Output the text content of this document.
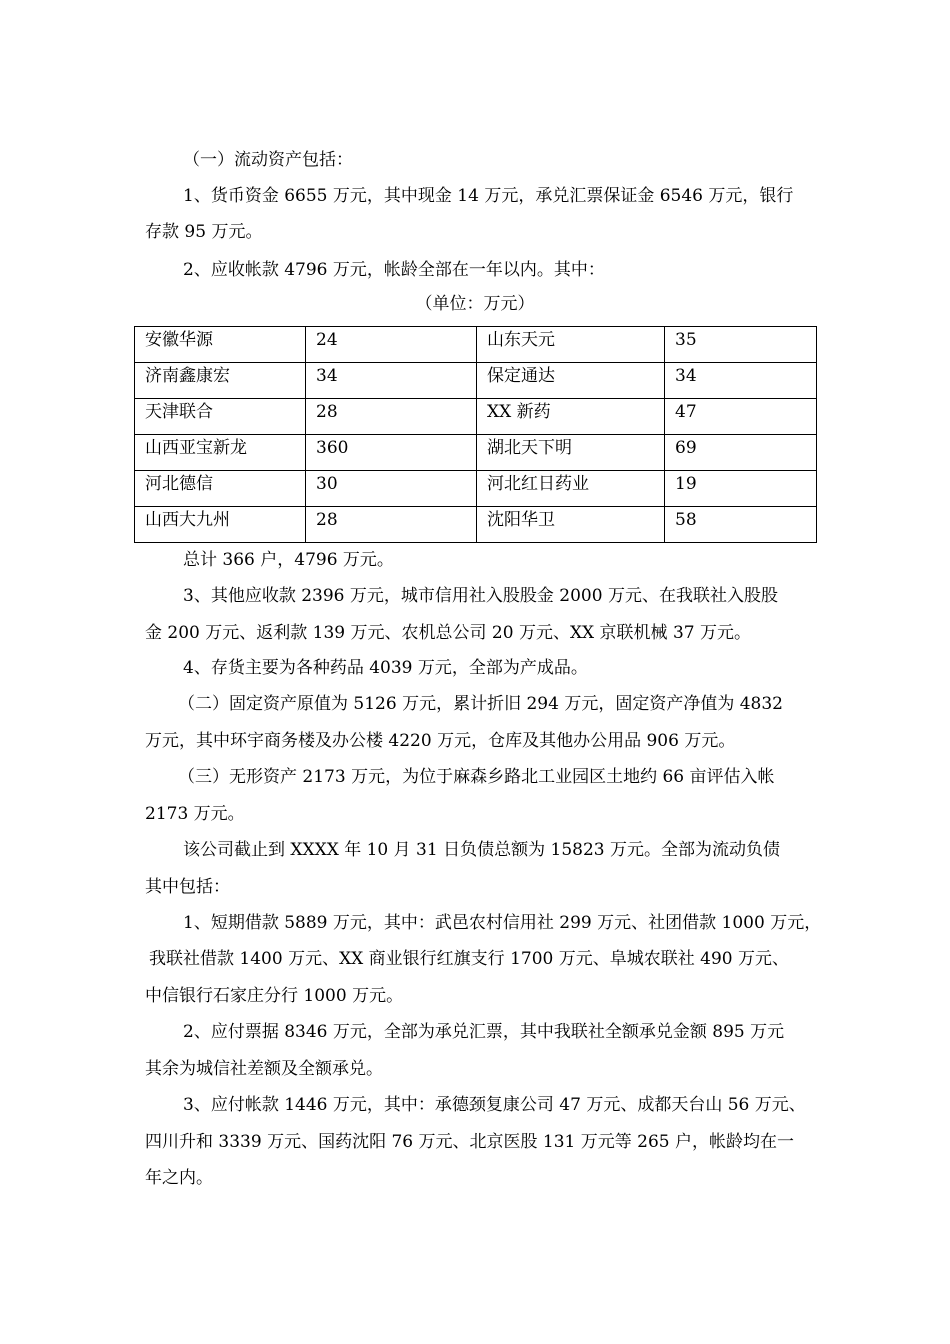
（一）流动资产包括：
1、货币资金 6655 万元，其中现金 14 万元，承兑汇票保证金 6546 万元，银行
存款 95 万元。
2、应收帐款 4796 万元，帐龄全部在一年以内。其中：
（单位：万元）
安徽华源	24	山东天元	35
济南鑫康宏	34	保定通达	34
天津联合	28	XX 新药	47
山西亚宝新龙	360	湖北天下明	69
河北德信	30	河北红日药业	19
山西大九州	28	沈阳华卫	58
总计 366 户，4796 万元。
3、其他应收款 2396 万元，城市信用社入股股金 2000 万元、在我联社入股股
金 200 万元、返利款 139 万元、农机总公司 20 万元、XX 京联机械 37 万元。
4、存货主要为各种药品 4039 万元，全部为产成品。
（二）固定资产原值为 5126 万元，累计折旧 294 万元，固定资产净值为 4832
万元，其中环宇商务楼及办公楼 4220 万元，仓库及其他办公用品 906 万元。
（三）无形资产 2173 万元，为位于麻森乡路北工业园区土地约 66 亩评估入帐
2173 万元。
该公司截止到 XXXX 年 10 月 31 日负债总额为 15823 万元。全部为流动负债
其中包括：
1、短期借款 5889 万元，其中：武邑农村信用社 299 万元、社团借款 1000 万元，
我联社借款 1400 万元、XX 商业银行红旗支行 1700 万元、阜城农联社 490 万元、
中信银行石家庄分行 1000 万元。
2、应付票据 8346 万元，全部为承兑汇票，其中我联社全额承兑金额 895 万元
其余为城信社差额及全额承兑。
3、应付帐款 1446 万元，其中：承德颈复康公司 47 万元、成都天台山 56 万元、
四川升和 3339 万元、国药沈阳 76 万元、北京医股 131 万元等 265 户，帐龄均在一
年之内。
